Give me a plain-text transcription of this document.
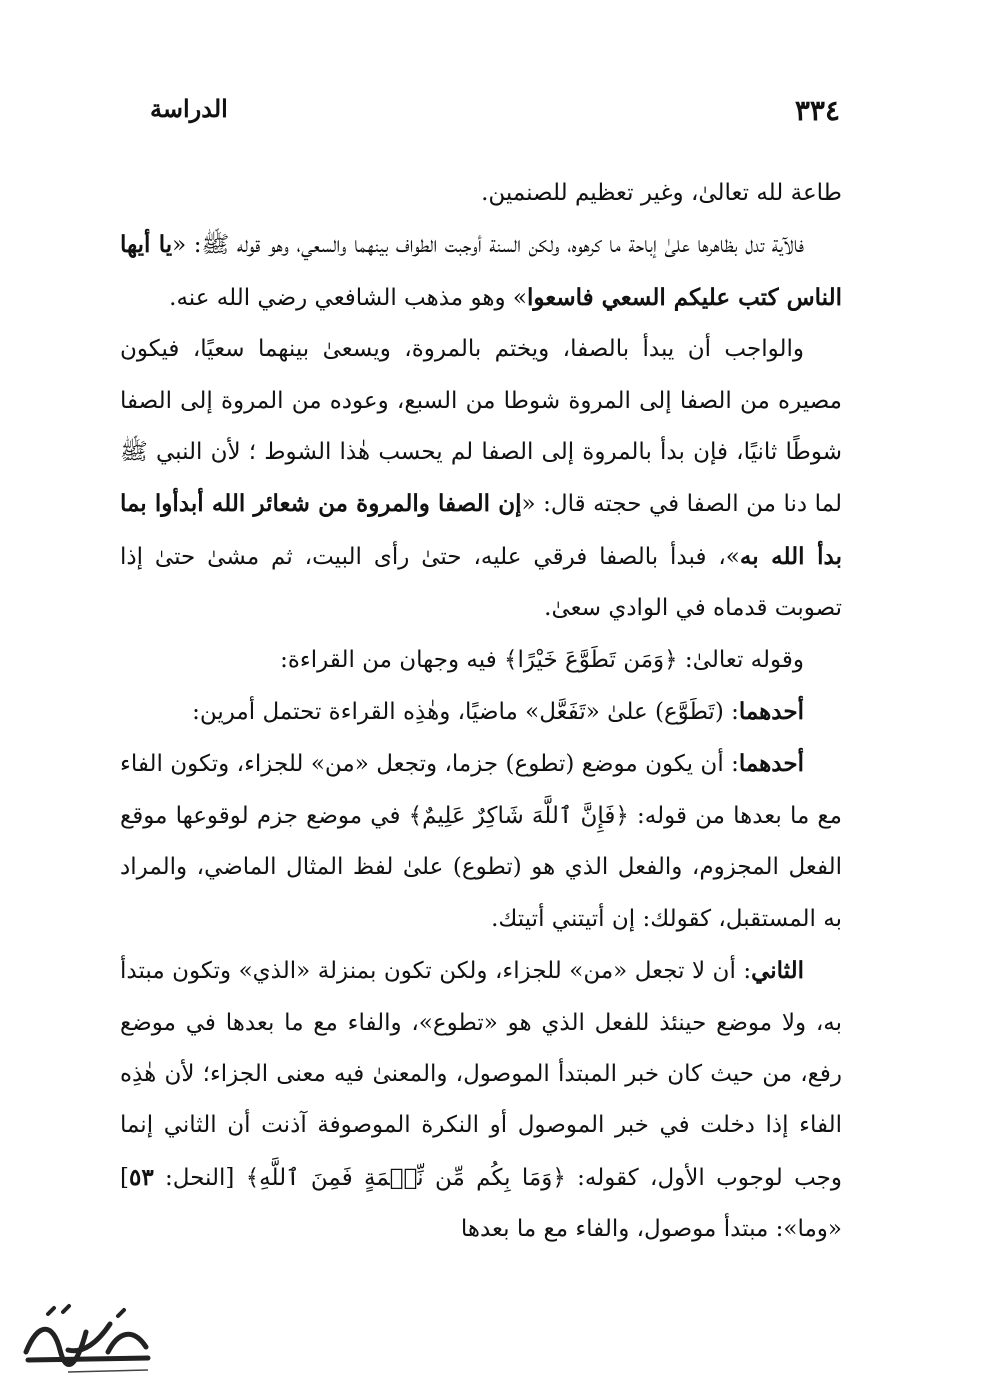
٣٣٤
الدراسة

طاعة لله تعالىٰ، وغير تعظيم للصنمين.

فالآية تدل بظاهرها علىٰ إباحة ما كرهوه، ولكن السنة أوجبت الطواف بينهما والسعي، وهو قوله ﷺ: «يا أيها الناس كتب عليكم السعي فاسعوا» وهو مذهب الشافعي رضي الله عنه.

والواجب أن يبدأ بالصفا، ويختم بالمروة، ويسعىٰ بينهما سعيًا، فيكون مصيره من الصفا إلى المروة شوطا من السبع، وعوده من المروة إلى الصفا شوطًا ثانيًا، فإن بدأ بالمروة إلى الصفا لم يحسب هٰذا الشوط ؛ لأن النبي ﷺ لما دنا من الصفا في حجته قال: «إن الصفا والمروة من شعائر الله أبدأوا بما بدأ الله به»، فبدأ بالصفا فرقي عليه، حتىٰ رأى البيت، ثم مشىٰ حتىٰ إذا تصوبت قدماه في الوادي سعىٰ.

وقوله تعالىٰ: ﴿وَمَن تَطَوَّعَ خَيْرًا﴾ فيه وجهان من القراءة:

أحدهما: (تَطَوَّع) علىٰ «تَفَعَّل» ماضيًا، وهٰذِه القراءة تحتمل أمرين:

أحدهما: أن يكون موضع (تطوع) جزما، وتجعل «من» للجزاء، وتكون الفاء مع ما بعدها من قوله: ﴿فَإِنَّ ٱللَّهَ شَاكِرٌ عَلِيمٌ﴾ في موضع جزم لوقوعها موقع الفعل المجزوم، والفعل الذي هو (تطوع) علىٰ لفظ المثال الماضي، والمراد به المستقبل، كقولك: إن أتيتني أتيتك.

الثاني: أن لا تجعل «من» للجزاء، ولكن تكون بمنزلة «الذي» وتكون مبتدأ به، ولا موضع حينئذ للفعل الذي هو «تطوع»، والفاء مع ما بعدها في موضع رفع، من حيث كان خبر المبتدأ الموصول، والمعنىٰ فيه معنى الجزاء؛ لأن هٰذِه الفاء إذا دخلت في خبر الموصول أو النكرة الموصوفة آذنت أن الثاني إنما وجب لوجوب الأول، كقوله: ﴿وَمَا بِكُم مِّن نِّعۡمَةٍ فَمِنَ ٱللَّهِ﴾ [النحل: ٥٣] «وما»: مبتدأ موصول، والفاء مع ما بعدها
